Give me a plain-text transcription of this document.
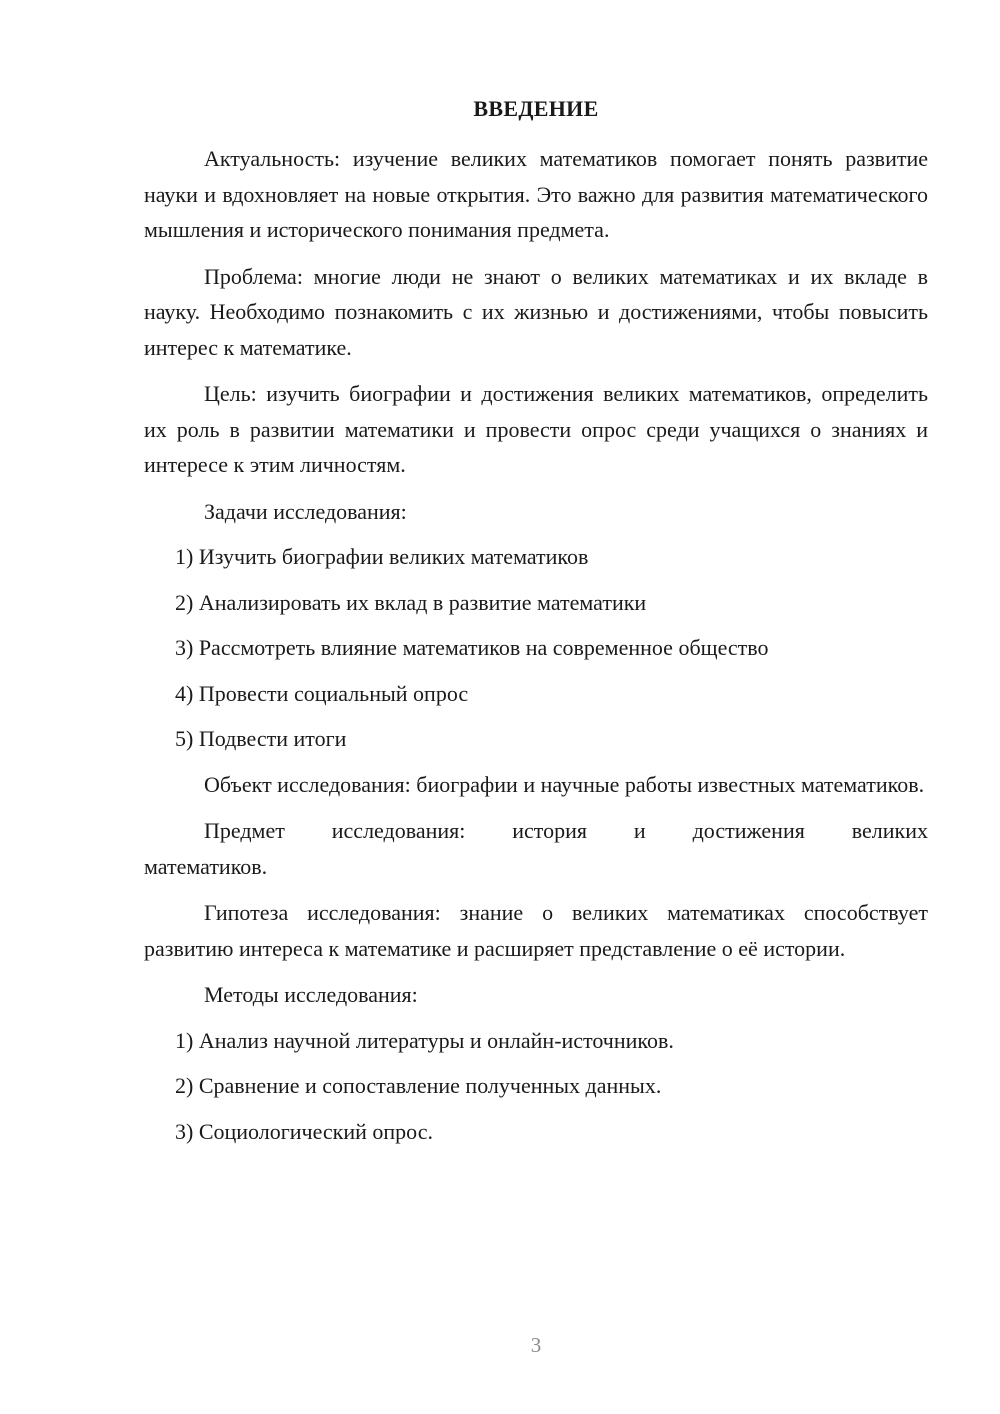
ВВЕДЕНИЕ

Актуальность: изучение великих математиков помогает понять развитие науки и вдохновляет на новые открытия. Это важно для развития математического мышления и исторического понимания предмета.

Проблема: многие люди не знают о великих математиках и их вкладе в науку. Необходимо познакомить с их жизнью и достижениями, чтобы повысить интерес к математике.

Цель: изучить биографии и достижения великих математиков, определить их роль в развитии математики и провести опрос среди учащихся о знаниях и интересе к этим личностям.

Задачи исследования:

1) Изучить биографии великих математиков

2) Анализировать их вклад в развитие математики

3) Рассмотреть влияние математиков на современное общество

4) Провести социальный опрос

5) Подвести итоги

Объект исследования: биографии и научные работы известных математиков.

Предмет исследования: история и достижения великих

математиков.

Гипотеза исследования: знание о великих математиках способствует развитию интереса к математике и расширяет представление о её истории.

Методы исследования:

1) Анализ научной литературы и онлайн-источников.

2) Сравнение и сопоставление полученных данных.

3) Социологический опрос.

3
